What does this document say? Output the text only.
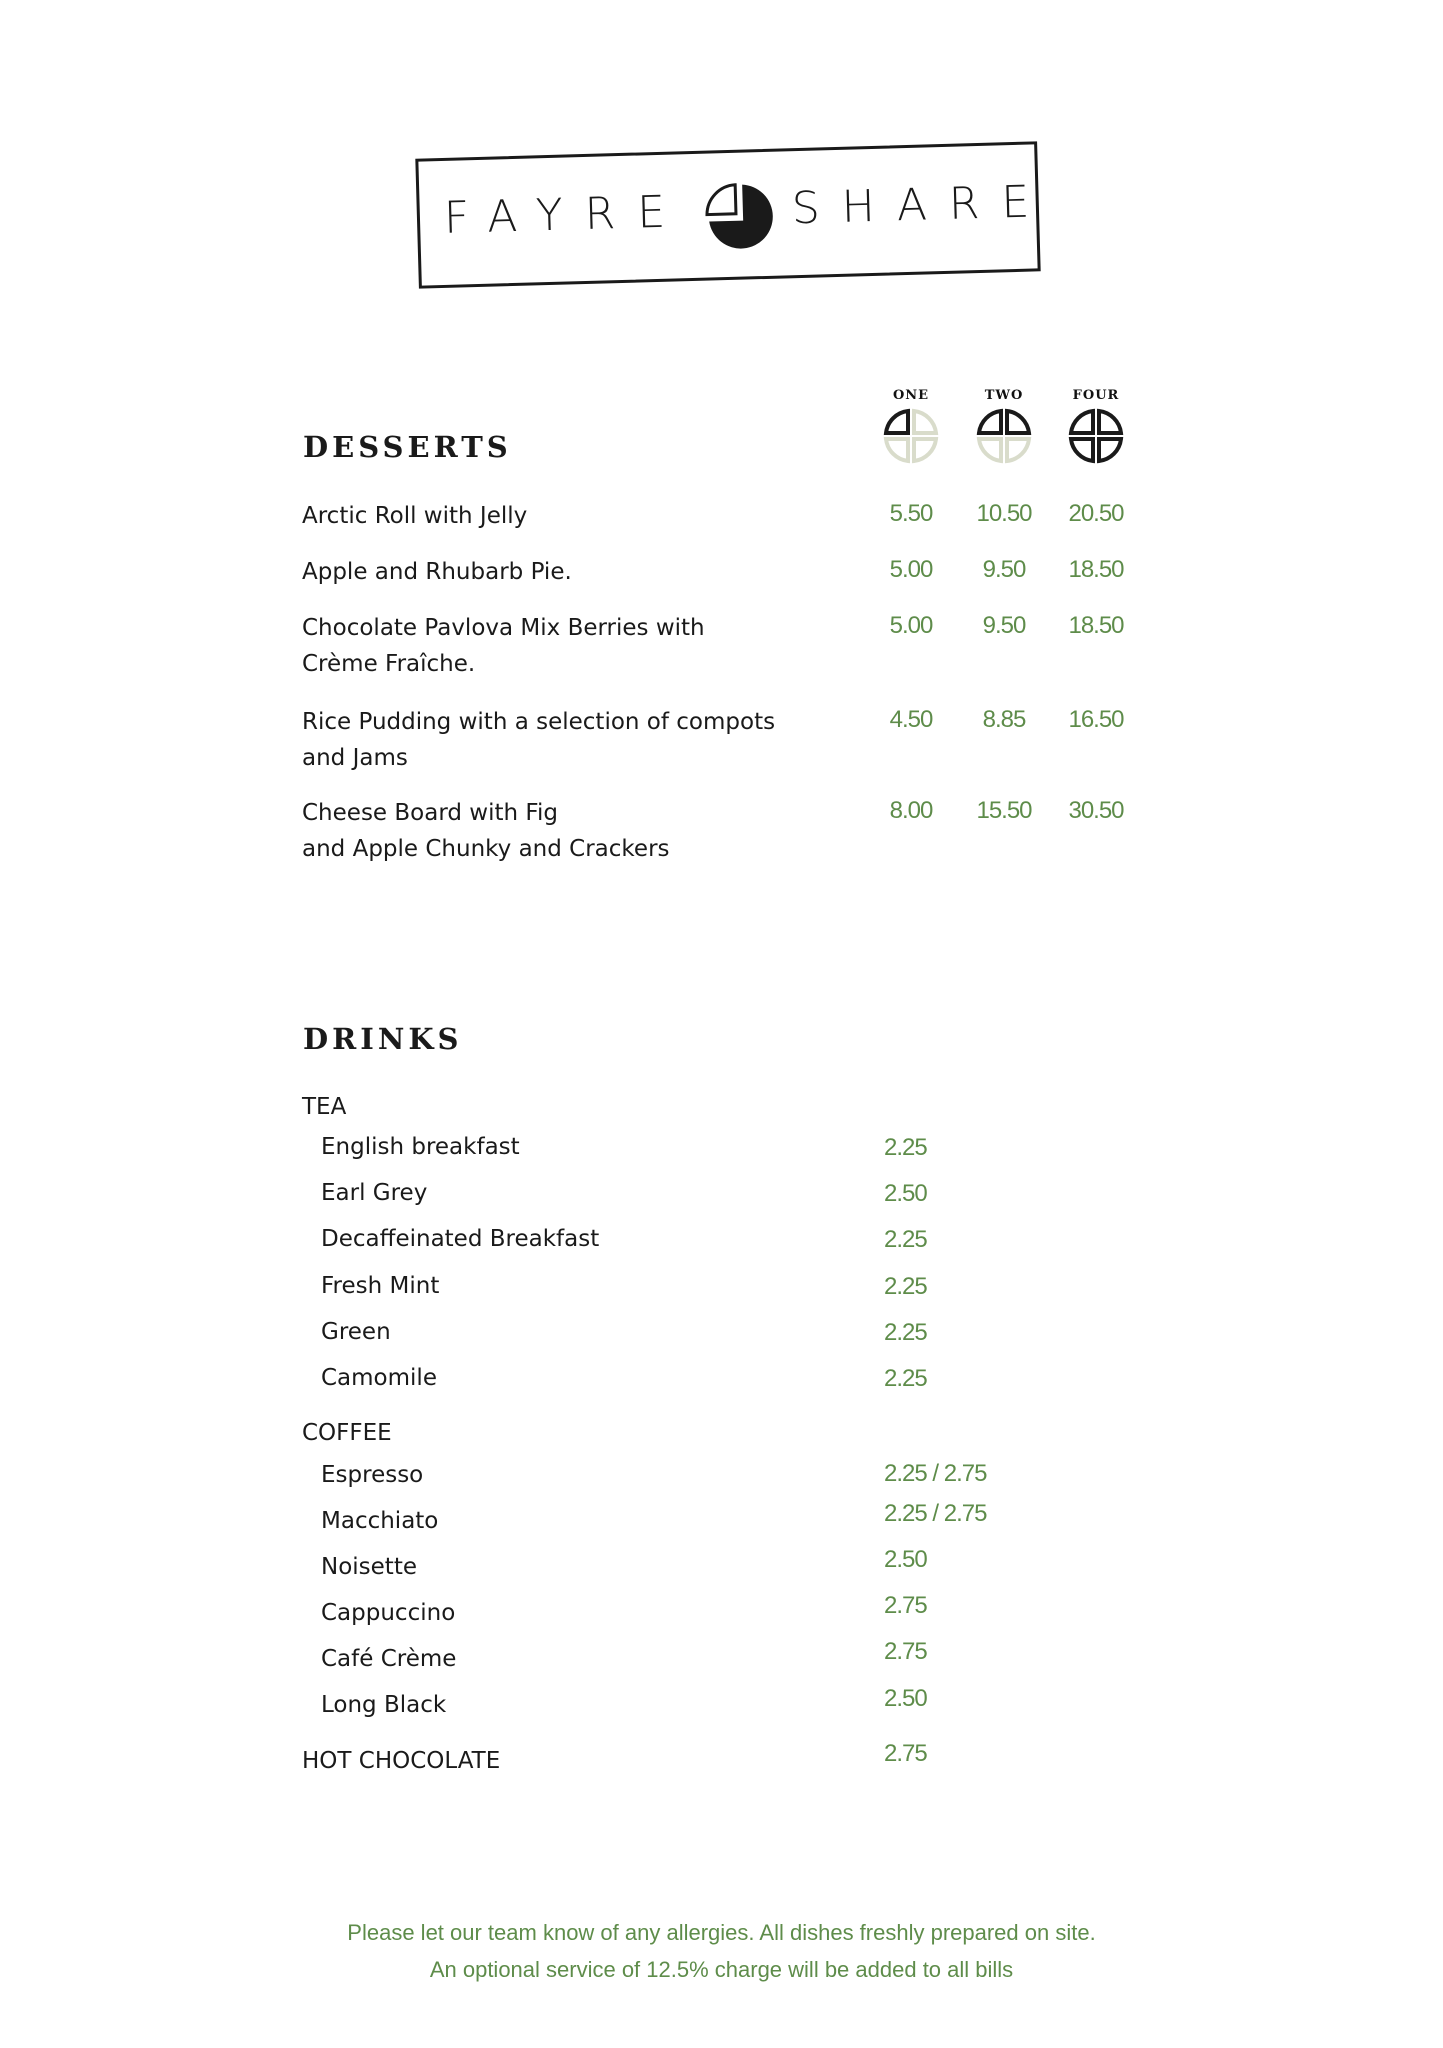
FAYRE SHARE
DESSERTS
ONE	TWO	FOUR
Arctic Roll with Jelly	5.50	10.50	20.50
Apple and Rhubarb Pie.	5.00	9.50	18.50
Chocolate Pavlova Mix Berries with
Crème Fraîche.
5.00	9.50	18.50
Rice Pudding with a selection of compots
and Jams
4.50	8.85	16.50
Cheese Board with Fig
and Apple Chunky and Crackers
8.00	15.50	30.50
DRINKS
TEA
English breakfast	2.25
Earl Grey	2.50
Decaffeinated Breakfast	2.25
Fresh Mint	2.25
Green	2.25
Camomile	2.25
COFFEE
Espresso	2.25 / 2.75
Macchiato	2.25 / 2.75
Noisette	2.50
Cappuccino	2.75
Café Crème	2.75
Long Black	2.50
HOT CHOCOLATE	2.75
Please let our team know of any allergies. All dishes freshly prepared on site.
An optional service of 12.5% charge will be added to all bills
